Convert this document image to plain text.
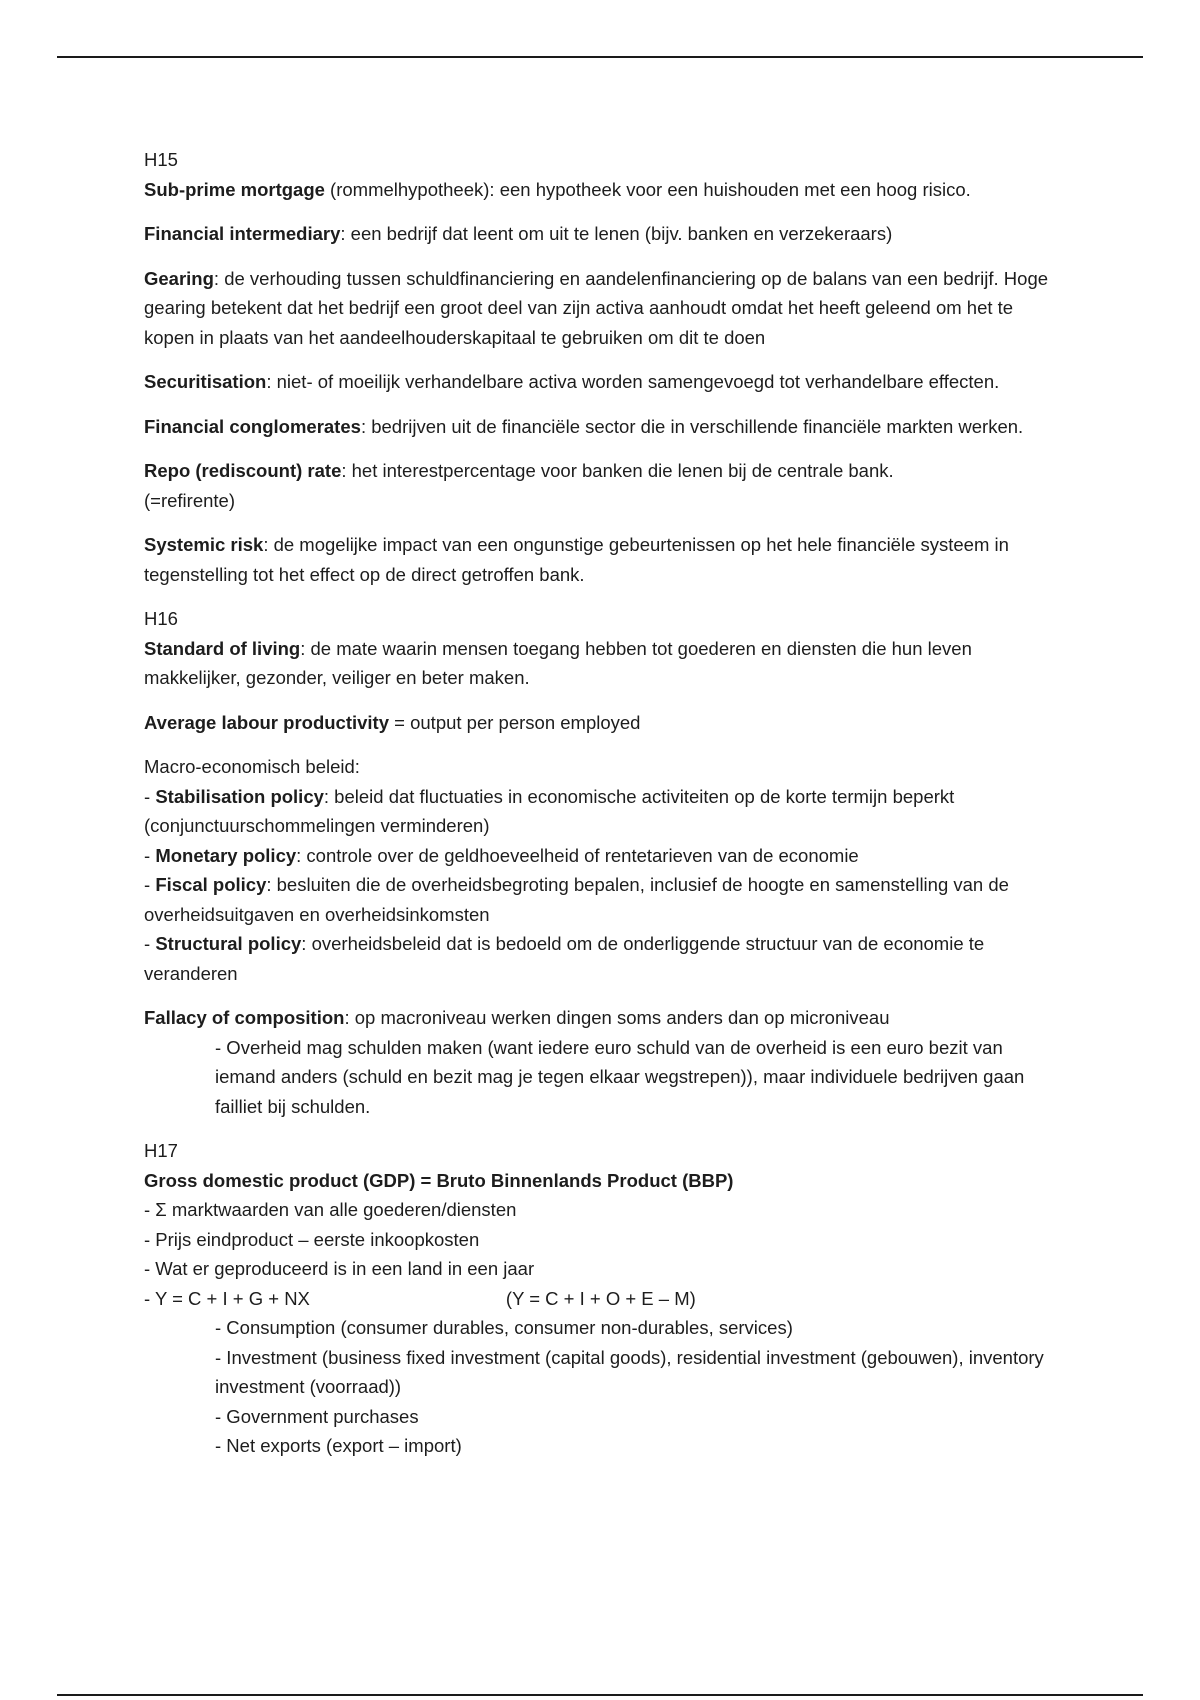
H15
Sub-prime mortgage (rommelhypotheek): een hypotheek voor een huishouden met een hoog risico.
Financial intermediary: een bedrijf dat leent om uit te lenen (bijv. banken en verzekeraars)
Gearing: de verhouding tussen schuldfinanciering en aandelenfinanciering op de balans van een bedrijf. Hoge gearing betekent dat het bedrijf een groot deel van zijn activa aanhoudt omdat het heeft geleend om het te kopen in plaats van het aandeelhouderskapitaal te gebruiken om dit te doen
Securitisation: niet- of moeilijk verhandelbare activa worden samengevoegd tot verhandelbare effecten.
Financial conglomerates: bedrijven uit de financiële sector die in verschillende financiële markten werken.
Repo (rediscount) rate: het interestpercentage voor banken die lenen bij de centrale bank. (=refirente)
Systemic risk: de mogelijke impact van een ongunstige gebeurtenissen op het hele financiële systeem in tegenstelling tot het effect op de direct getroffen bank.
H16
Standard of living: de mate waarin mensen toegang hebben tot goederen en diensten die hun leven makkelijker, gezonder, veiliger en beter maken.
Average labour productivity = output per person employed
Macro-economisch beleid:
- Stabilisation policy: beleid dat fluctuaties in economische activiteiten op de korte termijn beperkt (conjunctuurschommelingen verminderen)
- Monetary policy: controle over de geldhoeveelheid of rentetarieven van de economie
- Fiscal policy: besluiten die de overheidsbegroting bepalen, inclusief de hoogte en samenstelling van de overheidsuitgaven en overheidsinkomsten
- Structural policy: overheidsbeleid dat is bedoeld om de onderliggende structuur van de economie te veranderen
Fallacy of composition: op macroniveau werken dingen soms anders dan op microniveau
- Overheid mag schulden maken (want iedere euro schuld van de overheid is een euro bezit van iemand anders (schuld en bezit mag je tegen elkaar wegstrepen)), maar individuele bedrijven gaan failliet bij schulden.
H17
Gross domestic product (GDP) = Bruto Binnenlands Product (BBP)
- Σ marktwaarden van alle goederen/diensten
- Prijs eindproduct – eerste inkoopkosten
- Wat er geproduceerd is in een land in een jaar
- Y = C + I + G + NX	(Y = C + I + O + E – M)
- Consumption (consumer durables, consumer non-durables, services)
- Investment (business fixed investment (capital goods), residential investment (gebouwen), inventory investment (voorraad))
- Government purchases
- Net exports (export – import)
